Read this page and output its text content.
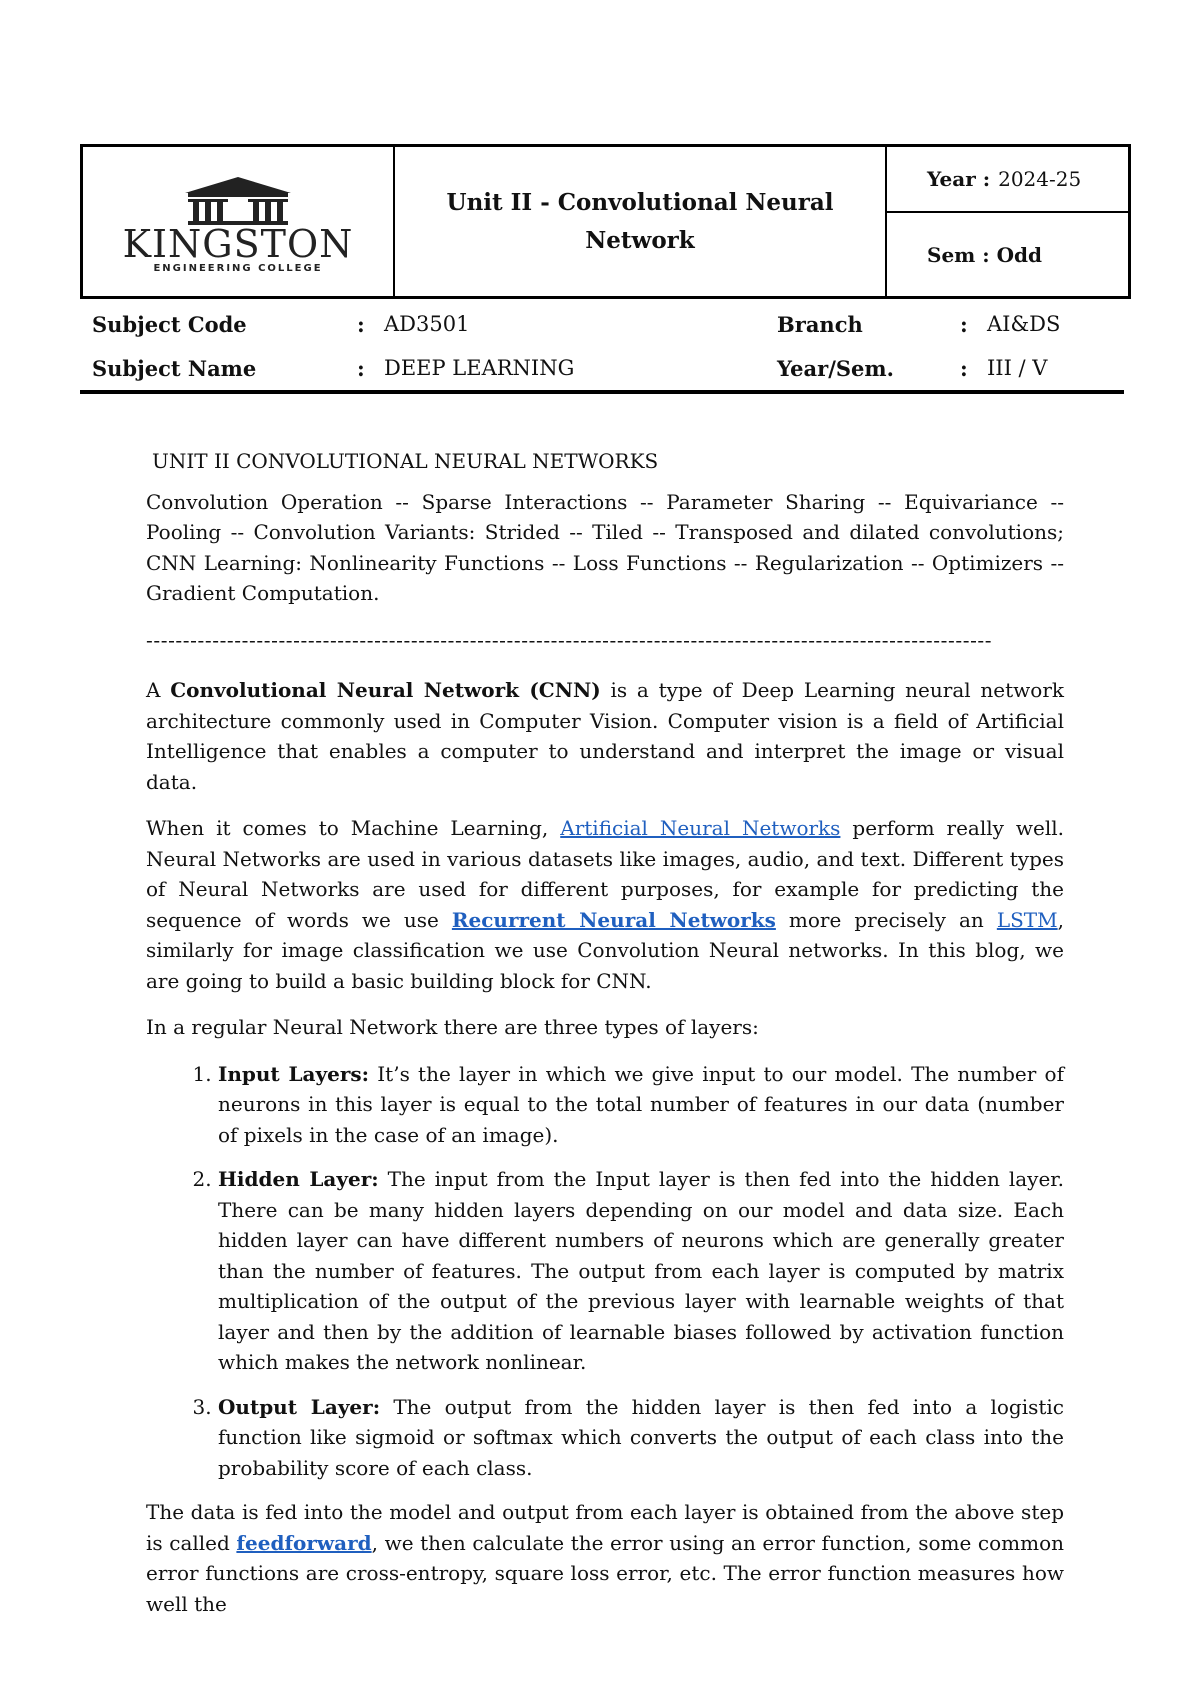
KINGSTON
ENGINEERING COLLEGE
Unit II - Convolutional Neural Network
Year : 2024-25
Sem : Odd
Subject Code	: AD3501	Branch	: AI&DS
Subject Name	: DEEP LEARNING	Year/Sem.	: III / V
UNIT II CONVOLUTIONAL NEURAL NETWORKS

Convolution Operation -- Sparse Interactions -- Parameter Sharing -- Equivariance -- Pooling -- Convolution Variants: Strided -- Tiled -- Transposed and dilated convolutions; CNN Learning: Nonlinearity Functions -- Loss Functions -- Regularization -- Optimizers --Gradient Computation.

-------------------------------------------------------------------------------------------------------------------

A Convolutional Neural Network (CNN) is a type of Deep Learning neural network architecture commonly used in Computer Vision. Computer vision is a field of Artificial Intelligence that enables a computer to understand and interpret the image or visual data.

When it comes to Machine Learning, Artificial Neural Networks perform really well. Neural Networks are used in various datasets like images, audio, and text. Different types of Neural Networks are used for different purposes, for example for predicting the sequence of words we use Recurrent Neural Networks more precisely an LSTM, similarly for image classification we use Convolution Neural networks. In this blog, we are going to build a basic building block for CNN.

In a regular Neural Network there are three types of layers:

1. Input Layers: It’s the layer in which we give input to our model. The number of neurons in this layer is equal to the total number of features in our data (number of pixels in the case of an image).
2. Hidden Layer: The input from the Input layer is then fed into the hidden layer. There can be many hidden layers depending on our model and data size. Each hidden layer can have different numbers of neurons which are generally greater than the number of features. The output from each layer is computed by matrix multiplication of the output of the previous layer with learnable weights of that layer and then by the addition of learnable biases followed by activation function which makes the network nonlinear.
3. Output Layer: The output from the hidden layer is then fed into a logistic function like sigmoid or softmax which converts the output of each class into the probability score of each class.

The data is fed into the model and output from each layer is obtained from the above step is called feedforward, we then calculate the error using an error function, some common error functions are cross-entropy, square loss error, etc. The error function measures how well the
